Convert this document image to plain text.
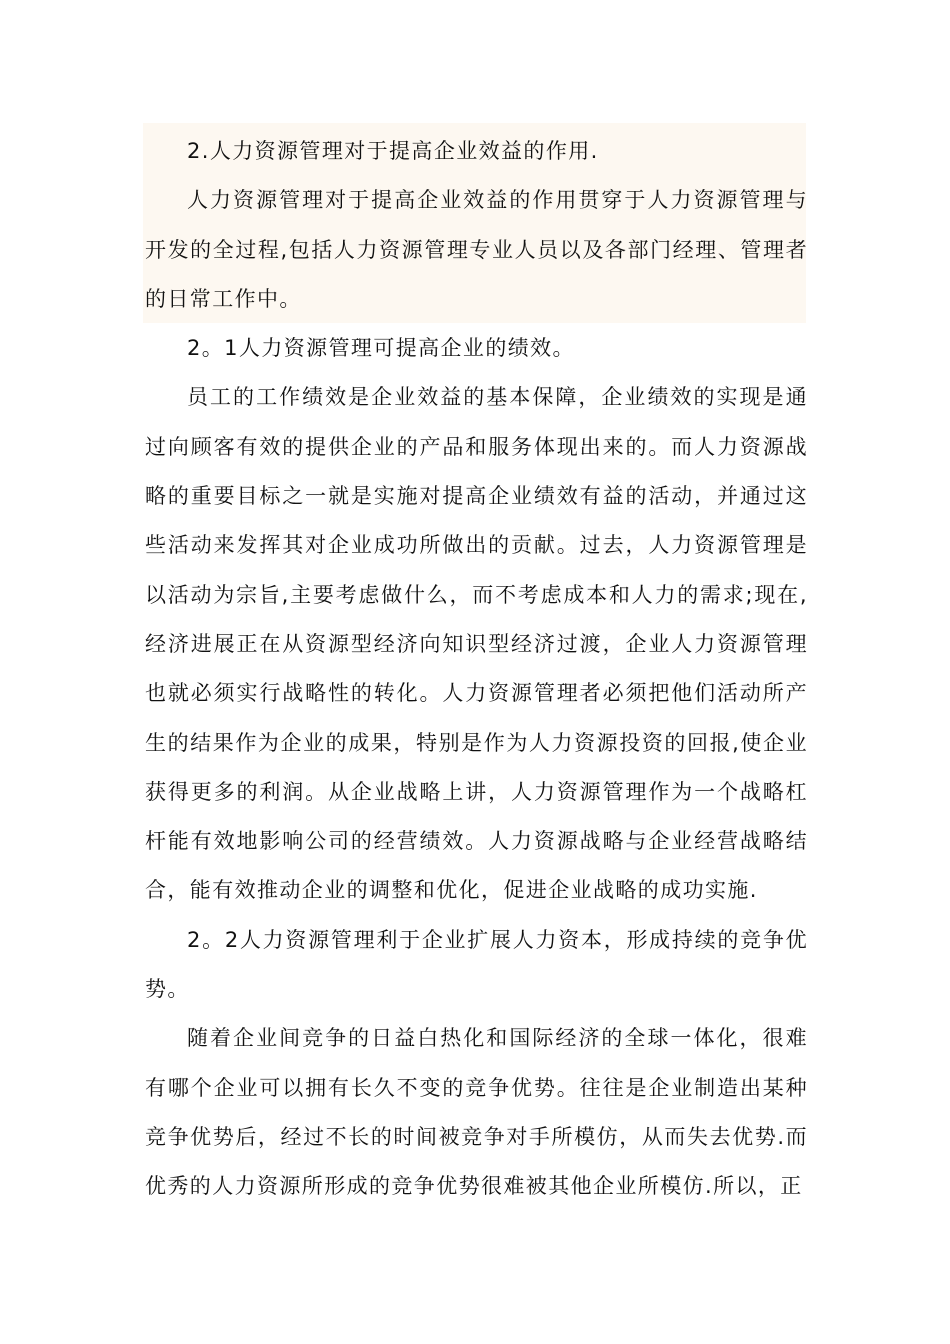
2.人力资源管理对于提高企业效益的作用.

人力资源管理对于提高企业效益的作用贯穿于人力资源管理与开发的全过程,包括人力资源管理专业人员以及各部门经理、管理者的日常工作中。

2。1人力资源管理可提高企业的绩效。

员工的工作绩效是企业效益的基本保障，企业绩效的实现是通过向顾客有效的提供企业的产品和服务体现出来的。而人力资源战略的重要目标之一就是实施对提高企业绩效有益的活动，并通过这些活动来发挥其对企业成功所做出的贡献。过去，人力资源管理是以活动为宗旨,主要考虑做什么，而不考虑成本和人力的需求;现在,经济进展正在从资源型经济向知识型经济过渡，企业人力资源管理也就必须实行战略性的转化。人力资源管理者必须把他们活动所产生的结果作为企业的成果，特别是作为人力资源投资的回报,使企业获得更多的利润。从企业战略上讲，人力资源管理作为一个战略杠杆能有效地影响公司的经营绩效。人力资源战略与企业经营战略结合，能有效推动企业的调整和优化，促进企业战略的成功实施.

2。2人力资源管理利于企业扩展人力资本，形成持续的竞争优势。

随着企业间竞争的日益白热化和国际经济的全球一体化，很难有哪个企业可以拥有长久不变的竞争优势。往往是企业制造出某种竞争优势后，经过不长的时间被竞争对手所模仿，从而失去优势.而优秀的人力资源所形成的竞争优势很难被其他企业所模仿.所以，正
